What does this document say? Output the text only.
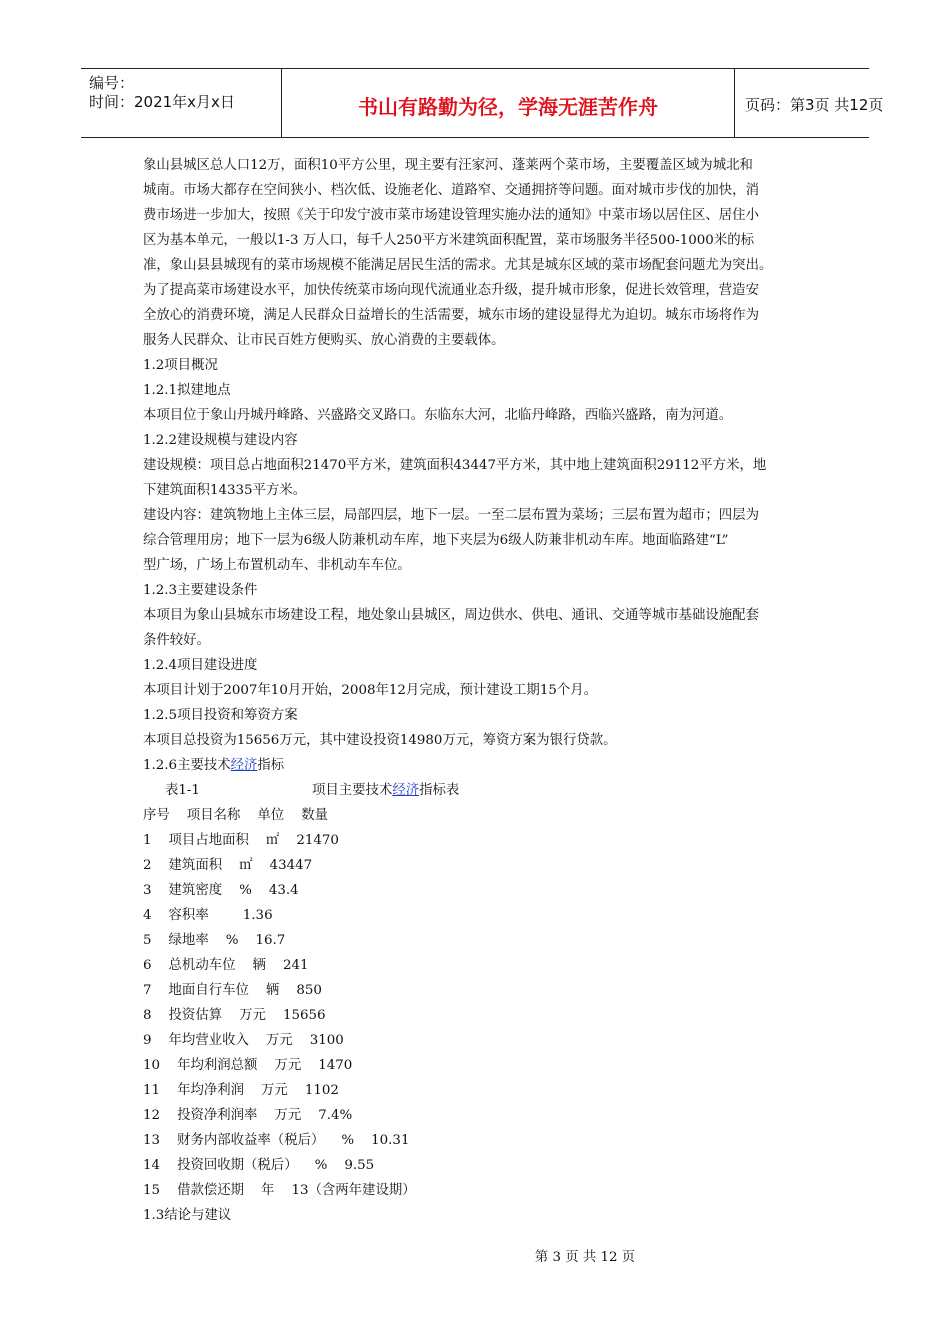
编号：
时间：2021年x月x日	书山有路勤为径，学海无涯苦作舟	页码：第3页 共12页
象山县城区总人口12万，面积10平方公里，现主要有汪家河、蓬莱两个菜市场，主要覆盖区域为城北和
城南。市场大都存在空间狭小、档次低、设施老化、道路窄、交通拥挤等问题。面对城市步伐的加快，消
费市场进一步加大，按照《关于印发宁波市菜市场建设管理实施办法的通知》中菜市场以居住区、居住小
区为基本单元，一般以1-3 万人口，每千人250平方米建筑面积配置，菜市场服务半径500-1000米的标
准，象山县县城现有的菜市场规模不能满足居民生活的需求。尤其是城东区域的菜市场配套问题尤为突出。
为了提高菜市场建设水平，加快传统菜市场向现代流通业态升级，提升城市形象，促进长效管理，营造安
全放心的消费环境，满足人民群众日益增长的生活需要，城东市场的建设显得尤为迫切。城东市场将作为
服务人民群众、让市民百姓方便购买、放心消费的主要载体。
1.2项目概况
1.2.1拟建地点
本项目位于象山丹城丹峰路、兴盛路交叉路口。东临东大河，北临丹峰路，西临兴盛路，南为河道。
1.2.2建设规模与建设内容
建设规模：项目总占地面积21470平方米，建筑面积43447平方米，其中地上建筑面积29112平方米，地
下建筑面积14335平方米。
建设内容：建筑物地上主体三层，局部四层，地下一层。一至二层布置为菜场；三层布置为超市；四层为
综合管理用房；地下一层为6级人防兼机动车库，地下夹层为6级人防兼非机动车库。地面临路建“L”
型广场，广场上布置机动车、非机动车车位。
1.2.3主要建设条件
本项目为象山县城东市场建设工程，地处象山县城区，周边供水、供电、通讯、交通等城市基础设施配套
条件较好。
1.2.4项目建设进度
本项目计划于2007年10月开始，2008年12月完成，预计建设工期15个月。
1.2.5项目投资和筹资方案
本项目总投资为15656万元，其中建设投资14980万元，筹资方案为银行贷款。
1.2.6主要技术经济指标
表1-1	项目主要技术经济指标表
序号    项目名称    单位    数量
1    项目占地面积    ㎡    21470
2    建筑面积    ㎡    43447
3    建筑密度    %    43.4
4    容积率        1.36
5    绿地率    %    16.7
6    总机动车位    辆    241
7    地面自行车位    辆    850
8    投资估算    万元    15656
9    年均营业收入    万元    3100
10    年均利润总额    万元    1470
11    年均净利润    万元    1102
12    投资净利润率    万元    7.4%
13    财务内部收益率（税后）    %    10.31
14    投资回收期（税后）    %    9.55
15    借款偿还期    年    13（含两年建设期）
1.3结论与建议
第 3 页 共 12 页
